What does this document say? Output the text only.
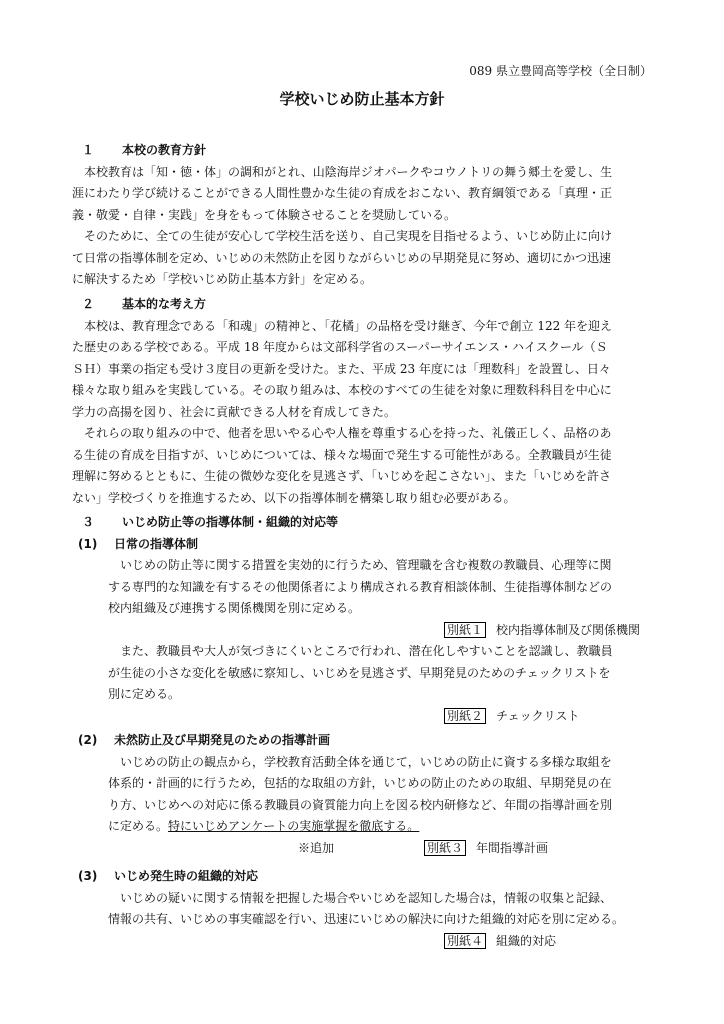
089 県立豊岡高等学校（全日制）
学校いじめ防止基本方針
１ 本校の教育方針
本校教育は「知・徳・体」の調和がとれ、山陰海岸ジオパークやコウノトリの舞う郷土を愛し、生
涯にわたり学び続けることができる人間性豊かな生徒の育成をおこない、教育綱領である「真理・正
義・敬愛・自律・実践」を身をもって体験させることを奨励している。
そのために、全ての生徒が安心して学校生活を送り、自己実現を目指せるよう、いじめ防止に向け
て日常の指導体制を定め、いじめの未然防止を図りながらいじめの早期発見に努め、適切にかつ迅速
に解決するため「学校いじめ防止基本方針」を定める。
２ 基本的な考え方
本校は、教育理念である「和魂」の精神と、「花橘」の品格を受け継ぎ、今年で創立 122 年を迎え
た歴史のある学校である。平成 18 年度からは文部科学省のスーパーサイエンス・ハイスクール（Ｓ
ＳＨ）事業の指定も受け３度目の更新を受けた。また、平成 23 年度には「理数科」を設置し、日々
様々な取り組みを実践している。その取り組みは、本校のすべての生徒を対象に理数科科目を中心に
学力の高揚を図り、社会に貢献できる人材を育成してきた。
それらの取り組みの中で、他者を思いやる心や人権を尊重する心を持った、礼儀正しく、品格のあ
る生徒の育成を目指すが、いじめについては、様々な場面で発生する可能性がある。全教職員が生徒
理解に努めるとともに、生徒の微妙な変化を見逃さず、「いじめを起こさない」、また「いじめを許さ
ない」学校づくりを推進するため、以下の指導体制を構築し取り組む必要がある。
３ いじめ防止等の指導体制・組織的対応等
(1) 日常の指導体制
いじめの防止等に関する措置を実効的に行うため、管理職を含む複数の教職員、心理等に関
する専門的な知識を有するその他関係者により構成される教育相談体制、生徒指導体制などの
校内組織及び連携する関係機関を別に定める。
別紙１ 校内指導体制及び関係機関
また、教職員や大人が気づきにくいところで行われ、潜在化しやすいことを認識し、教職員
が生徒の小さな変化を敏感に察知し、いじめを見逃さず、早期発見のためのチェックリストを
別に定める。
別紙２ チェックリスト
(2) 未然防止及び早期発見のための指導計画
いじめの防止の観点から，学校教育活動全体を通じて，いじめの防止に資する多様な取組を
体系的・計画的に行うため，包括的な取組の方針，いじめの防止のための取組、早期発見の在
り方、いじめへの対応に係る教職員の資質能力向上を図る校内研修など、年間の指導計画を別
に定める。特にいじめアンケートの実施掌握を徹底する。
※追加	別紙３ 年間指導計画
(3) いじめ発生時の組織的対応
いじめの疑いに関する情報を把握した場合やいじめを認知した場合は，情報の収集と記録、
情報の共有、いじめの事実確認を行い、迅速にいじめの解決に向けた組織的対応を別に定める。
別紙４ 組織的対応
